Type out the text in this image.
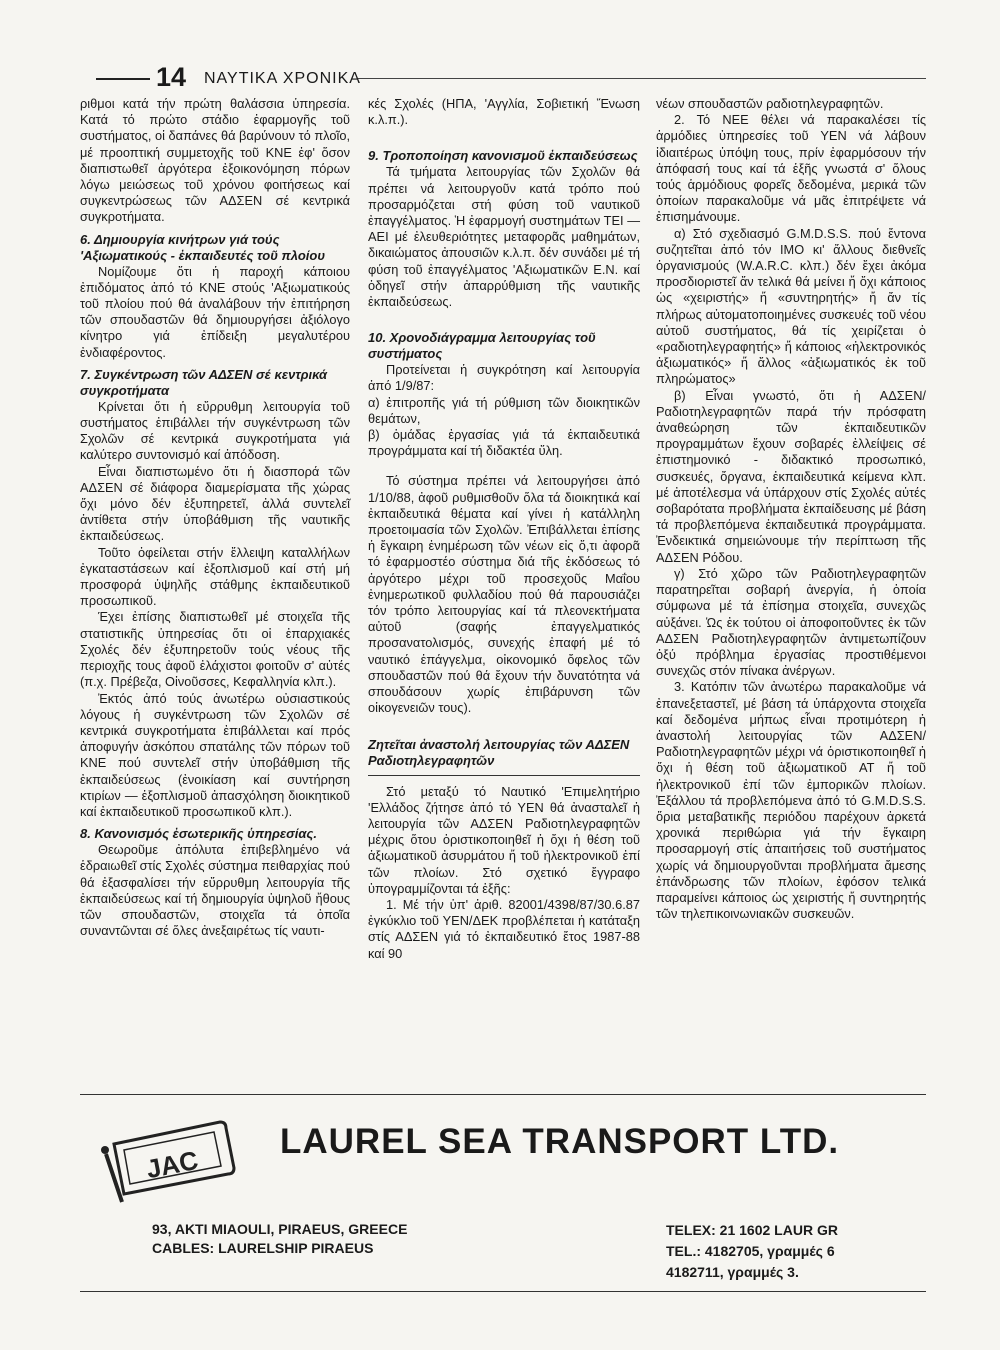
14 ΝΑΥΤΙΚΑ ΧΡΟΝΙΚΑ

ριθμοι κατά τήν πρώτη θαλάσσια ὑπηρεσία. Κατά τό πρώτο στάδιο ἐφαρμογῆς τοῦ συστήματος, οἱ δαπάνες θά βαρύνουν τό πλοῖο, μέ προοπτική συμμετοχῆς τοῦ ΚΝΕ ἐφ' ὅσον διαπιστωθεῖ ἀργότερα ἐξοικονόμηση πόρων λόγω μειώσεως τοῦ χρόνου φοιτήσεως καί συγκεντρώσεως τῶν ΑΔΣΕΝ σέ κεντρικά συγκροτήματα.

6. Δημιουργία κινήτρων γιά τούς 'Αξιωματικούς - ἐκπαιδευτές τοῦ πλοίου

Νομίζουμε ὅτι ἡ παροχή κάποιου ἐπιδόματος ἀπό τό ΚΝΕ στούς 'Αξιωματικούς τοῦ πλοίου πού θά ἀναλάβουν τήν ἐπιτήρηση τῶν σπουδαστῶν θά δημιουργήσει ἀξιόλογο κίνητρο γιά ἐπίδειξη μεγαλυτέρου ἐνδιαφέροντος.

7. Συγκέντρωση τῶν ΑΔΣΕΝ σέ κεντρικά συγκροτήματα

Κρίνεται ὅτι ἡ εὔρρυθμη λειτουργία τοῦ συστήματος ἐπιβάλλει τήν συγκέντρωση τῶν Σχολῶν σέ κεντρικά συγκροτήματα γιά καλύτερο συντονισμό καί ἀπόδοση.

Εἶναι διαπιστωμένο ὅτι ἡ διασπορά τῶν ΑΔΣΕΝ σέ διάφορα διαμερίσματα τῆς χώρας ὄχι μόνο δέν ἐξυπηρετεῖ, ἀλλά συντελεῖ ἀντίθετα στήν ὑποβάθμιση τῆς ναυτικῆς ἐκπαιδεύσεως.

Τοῦτο ὀφείλεται στήν ἔλλειψη καταλλήλων ἐγκαταστάσεων καί ἐξοπλισμοῦ καί στή μή προσφορά ὑψηλῆς στάθμης ἐκπαιδευτικοῦ προσωπικοῦ.

Έχει ἐπίσης διαπιστωθεῖ μέ στοιχεῖα τῆς στατιστικῆς ὑπηρεσίας ὅτι οἱ ἐπαρχιακές Σχολές δέν ἐξυπηρετοῦν τούς νέους τῆς περιοχῆς τους ἀφοῦ ἐλάχιστοι φοιτοῦν σ' αὐτές (π.χ. Πρέβεζα, Οἰνοῦσσες, Κεφαλληνία κλπ.).

Ἐκτός ἀπό τούς ἀνωτέρω οὐσιαστικούς λόγους ἡ συγκέντρωση τῶν Σχολῶν σέ κεντρικά συγκροτήματα ἐπιβάλλεται καί πρός ἀποφυγήν ἀσκόπου σπατάλης τῶν πόρων τοῦ ΚΝΕ πού συντελεῖ στήν ὑποβάθμιση τῆς ἐκπαιδεύσεως (ἐνοικίαση καί συντήρηση κτιρίων — ἐξοπλισμοῦ ἀπασχόληση διοικητικοῦ καί ἐκπαιδευτικοῦ προσωπικοῦ κλπ.).

8. Κανονισμός ἐσωτερικῆς ὑπηρεσίας.

Θεωροῦμε ἀπόλυτα ἐπιβεβλημένο νά ἑδραιωθεῖ στίς Σχολές σύστημα πειθαρχίας πού θά ἐξασφαλίσει τήν εὔρρυθμη λειτουργία τῆς ἐκπαιδεύσεως καί τή δημιουργία ὑψηλοῦ ἤθους τῶν σπουδαστῶν, στοιχεῖα τά ὁποῖα συναντῶνται σέ ὅλες ἀνεξαιρέτως τίς ναυτι-

κές Σχολές (ΗΠΑ, 'Αγγλία, Σοβιετική Ἕνωση κ.λ.π.).

9. Τροποποίηση κανονισμοῦ ἐκπαιδεύσεως

Τά τμήματα λειτουργίας τῶν Σχολῶν θά πρέπει νά λειτουργοῦν κατά τρόπο πού προσαρμόζεται στή φύση τοῦ ναυτικοῦ ἐπαγγέλματος. Ἡ ἐφαρμογή συστημάτων ΤΕΙ — ΑΕΙ μέ ἐλευθεριότητες μεταφορᾶς μαθημάτων, δικαιώματος ἀπουσιῶν κ.λ.π. δέν συνάδει μέ τή φύση τοῦ ἐπαγγέλματος 'Αξιωματικῶν Ε.Ν. καί ὁδηγεῖ στήν ἀπαρρύθμιση τῆς ναυτικῆς ἐκπαιδεύσεως.

10. Χρονοδιάγραμμα λειτουργίας τοῦ συστήματος

Προτείνεται ἡ συγκρότηση καί λειτουργία ἀπό 1/9/87:

α) ἐπιτροπῆς γιά τή ρύθμιση τῶν διοικητικῶν θεμάτων,

β) ὁμάδας ἐργασίας γιά τά ἐκπαιδευτικά προγράμματα καί τή διδακτέα ὕλη.

Τό σύστημα πρέπει νά λειτουργήσει ἀπό 1/10/88, ἀφοῦ ρυθμισθοῦν ὅλα τά διοικητικά καί ἐκπαιδευτικά θέματα καί γίνει ἡ κατάλληλη προετοιμασία τῶν Σχολῶν. Ἐπιβάλλεται ἐπίσης ἡ ἔγκαιρη ἐνημέρωση τῶν νέων εἰς ὅ,τι ἀφορᾶ τό ἐφαρμοστέο σύστημα διά τῆς ἐκδόσεως τό ἀργότερο μέχρι τοῦ προσεχοῦς Μαΐου ἐνημερωτικοῦ φυλλαδίου πού θά παρουσιάζει τόν τρόπο λειτουργίας καί τά πλεονεκτήματα αὐτοῦ (σαφής ἐπαγγελματικός προσανατολισμός, συνεχής ἐπαφή μέ τό ναυτικό ἐπάγγελμα, οἰκονομικό ὄφελος τῶν σπουδαστῶν πού θά ἔχουν τήν δυνατότητα νά σπουδάσουν χωρίς ἐπιβάρυνση τῶν οἰκογενειῶν τους).

Ζητεῖται ἀναστολή λειτουργίας τῶν ΑΔΣΕΝ Ραδιοτηλεγραφητῶν

Στό μεταξύ τό Ναυτικό 'Επιμελητήριο 'Ελλάδος ζήτησε ἀπό τό ΥΕΝ θά ἀνασταλεῖ ἡ λειτουργία τῶν ΑΔΣΕΝ Ραδιοτηλεγραφητῶν μέχρις ὅτου ὁριστικοποιηθεῖ ἡ ὄχι ἡ θέση τοῦ ἀξιωματικοῦ ἀσυρμάτου ἤ τοῦ ἠλεκτρονικοῦ ἐπί τῶν πλοίων. Στό σχετικό ἔγγραφο ὑπογραμμίζονται τά ἑξῆς:

1. Μέ τήν ὑπ' ἀριθ. 82001/4398/87/30.6.87 ἐγκύκλιο τοῦ ΥΕΝ/ΔΕΚ προβλέπεται ἡ κατάταξη στίς ΑΔΣΕΝ γιά τό ἐκπαιδευτικό ἔτος 1987-88 καί 90

νέων σπουδαστῶν ραδιοτηλεγραφητῶν.

2. Τό ΝΕΕ θέλει νά παρακαλέσει τίς ἁρμόδιες ὑπηρεσίες τοῦ ΥΕΝ νά λάβουν ἰδιαιτέρως ὑπόψη τους, πρίν ἐφαρμόσουν τήν ἀπόφασή τους καί τά ἑξῆς γνωστά σ' ὅλους τούς ἁρμόδιους φορεῖς δεδομένα, μερικά τῶν ὁποίων παρακαλοῦμε νά μᾶς ἐπιτρέψετε νά ἐπισημάνουμε.

α) Στό σχεδιασμό G.M.D.S.S. πού ἔντονα συζητεῖται ἀπό τόν ΙΜΟ κι' ἄλλους διεθνεῖς ὀργανισμούς (W.A.R.C. κλπ.) δέν ἔχει ἀκόμα προσδιοριστεῖ ἄν τελικά θά μείνει ἤ ὄχι κάποιος ὡς «χειριστής» ἤ «συντηρητής» ἤ ἄν τίς πλήρως αὐτοματοποιημένες συσκευές τοῦ νέου αὐτοῦ συστήματος, θά τίς χειρίζεται ὁ «ραδιοτηλεγραφητής» ἤ κάποιος «ἠλεκτρονικός ἀξιωματικός» ἤ ἄλλος «ἀξιωματικός ἐκ τοῦ πληρώματος»

β) Εἶναι γνωστό, ὅτι ἡ ΑΔΣΕΝ/Ραδιοτηλεγραφητῶν παρά τήν πρόσφατη ἀναθεώρηση τῶν ἐκπαιδευτικῶν προγραμμάτων ἔχουν σοβαρές ἐλλείψεις σέ ἐπιστημονικό - διδακτικό προσωπικό, συσκευές, ὄργανα, ἐκπαιδευτικά κείμενα κλπ. μέ ἀποτέλεσμα νά ὑπάρχουν στίς Σχολές αὐτές σοβαρότατα προβλήματα ἐκπαίδευσης μέ βάση τά προβλεπόμενα ἐκπαιδευτικά προγράμματα. Ἐνδεικτικά σημειώνουμε τήν περίπτωση τῆς ΑΔΣΕΝ Ρόδου.

γ) Στό χῶρο τῶν Ραδιοτηλεγραφητῶν παρατηρεῖται σοβαρή ἀνεργία, ἡ ὁποία σύμφωνα μέ τά ἐπίσημα στοιχεῖα, συνεχῶς αὐξάνει. Ὡς ἐκ τούτου οἱ ἀποφοιτοῦντες ἐκ τῶν ΑΔΣΕΝ Ραδιοτηλεγραφητῶν ἀντιμετωπίζουν ὀξύ πρόβλημα ἐργασίας προστιθέμενοι συνεχῶς στόν πίνακα ἀνέργων.

3. Κατόπιν τῶν ἀνωτέρω παρακαλοῦμε νά ἐπανεξεταστεῖ, μέ βάση τά ὑπάρχοντα στοιχεῖα καί δεδομένα μήπως εἶναι προτιμότερη ἡ ἀναστολή λειτουργίας τῶν ΑΔΣΕΝ/Ραδιοτηλεγραφητῶν μέχρι νά ὁριστικοποιηθεῖ ἡ ὄχι ἡ θέση τοῦ ἀξιωματικοῦ ΑΤ ἤ τοῦ ἠλεκτρονικοῦ ἐπί τῶν ἐμπορικῶν πλοίων. Ἐξάλλου τά προβλεπόμενα ἀπό τό G.M.D.S.S. ὅρια μεταβατικῆς περιόδου παρέχουν ἀρκετά χρονικά περιθώρια γιά τήν ἔγκαιρη προσαρμογή στίς ἀπαιτήσεις τοῦ συστήματος χωρίς νά δημιουργοῦνται προβλήματα ἄμεσης ἐπάνδρωσης τῶν πλοίων, ἐφόσον τελικά παραμείνει κάποιος ὡς χειριστής ἤ συντηρητής τῶν τηλεπικοινωνιακῶν συσκευῶν.

JAC
LAUREL SEA TRANSPORT LTD.
93, AKTI MIAOULI, PIRAEUS, GREECE
CABLES: LAURELSHIP PIRAEUS
TELEX: 21 1602 LAUR GR
TEL.: 4182705, γραμμές 6
4182711, γραμμές 3.
